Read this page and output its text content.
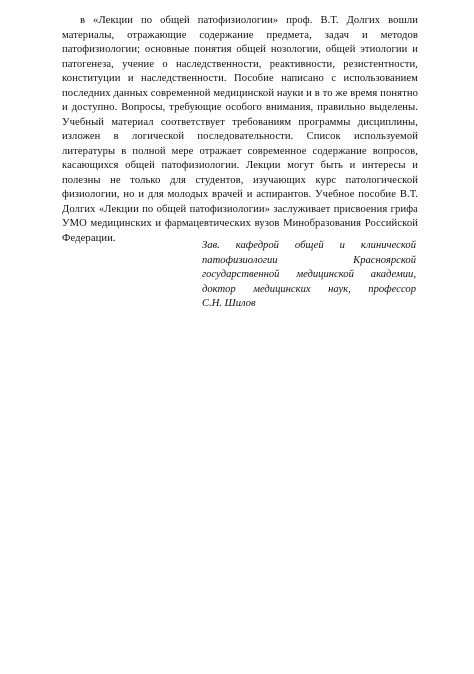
в «Лекции по общей патофизиологии» проф. В.Т. Долгих вошли материалы, отражающие содержание предмета, задач и методов патофизиологии; основные понятия общей нозологии, общей этиологии и патогенеза, учение о наследственности, реактивности, резистентности, конституции и наследственности. Пособие написано с использованием последних данных современной медицинской науки и в то же время понятно и доступно. Вопросы, требующие особого внимания, правильно выделены. Учебный материал соответствует требованиям программы дисциплины, изложен в логической последовательности. Список используемой литературы в полной мере отражает современное содержание вопросов, касающихся общей патофизиологии. Лекции могут быть и интересы и полезны не только для студентов, изучающих курс патологической физиологии, но и для молодых врачей и аспирантов. Учебное пособие В.Т. Долгих «Лекции по общей патофизиологии» заслуживает присвоения грифа УМО медицинских и фармацевтических вузов Минобразования Российской Федерации.

Зав. кафедрой общей и клинической
патофизиологии Красноярской
государственной медицинской академии,
доктор медицинских наук, профессор
С.Н. Шилов
